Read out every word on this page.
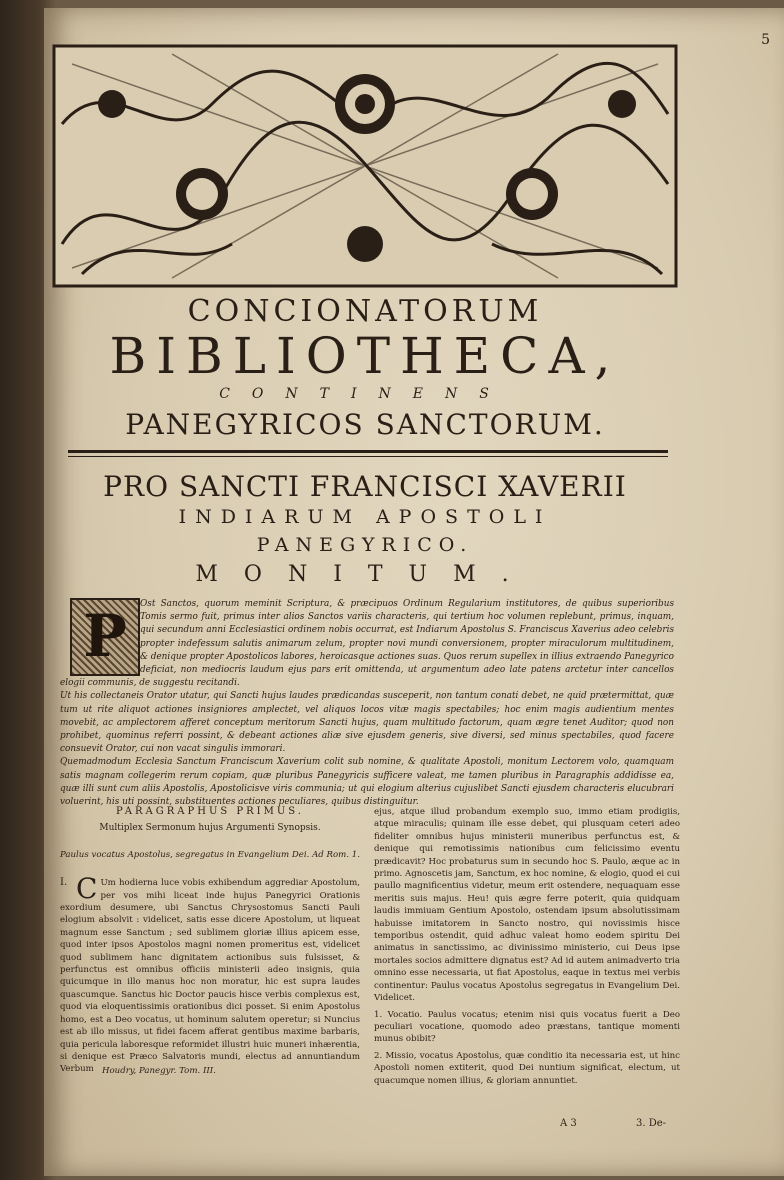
5
CONCIONATORUM
BIBLIOTHECA,
CONTINENS
PANEGYRICOS SANCTORUM.
PRO SANCTI FRANCISCI XAVERII
INDIARUM APOSTOLI
PANEGYRICO.
MONITUM.

Ost Sanctos, quorum meminit Scriptura, & præcipuos Ordinum Regularium institutores, de quibus superioribus Tomis sermo fuit, primus inter alios Sanctos variis characteris, qui tertium hoc volumen replebunt, primus, inquam, qui secundum anni Ecclesiastici ordinem nobis occurrat, est Indiarum Apostolus S. Franciscus Xaverius adeo celebris propter indefessum salutis animarum zelum, propter novi mundi conversionem, propter miraculorum multitudinem, & denique propter Apostolicos labores, heroicasque actiones suas. Quos rerum supellex in illius extraendo Panegyrico deficiat, non mediocris laudum ejus pars erit omittenda, ut argumentum adeo late patens arctetur inter cancellos elogii communis, de suggestu recitandi.

Ut his collectaneis Orator utatur, qui Sancti hujus laudes prædicandas susceperit, non tantum conati debet, ne quid prætermittat, quæ tum ut rite aliquot actiones insigniores amplectet, vel aliquos locos vitæ magis spectabiles; hoc enim magis audientium mentes movebit, ac amplectorem afferet conceptum meritorum Sancti hujus, quam multitudo factorum, quam ægre tenet Auditor; quod non prohibet, quominus referri possint, & debeant actiones aliæ sive ejusdem generis, sive diversi, sed minus spectabiles, quod facere consuevit Orator, cui non vacat singulis immorari.

Quemadmodum Ecclesia Sanctum Franciscum Xaverium colit sub nomine, & qualitate Apostoli, monitum Lectorem volo, quamquam satis magnam collegerim rerum copiam, quæ pluribus Panegyricis sufficere valeat, me tamen pluribus in Paragraphis addidisse ea, quæ illi sunt cum aliis Apostolis, Apostolicisve viris communia; ut qui elogium alterius cujuslibet Sancti ejusdem characteris elucubrari voluerint, his uti possint, substituentes actiones peculiares, quibus distinguitur.

P
PARAGRAPHUS PRIMUS.
Multiplex Sermonum hujus Argumenti Synopsis.
Paulus vocatus Apostolus, segregatus in Evangelium Dei. Ad Rom. 1.

I. C Um hodierna luce vobis exhibendum aggrediar Apostolum, per vos mihi liceat inde hujus Panegyrici Orationis exordium desumere, ubi Sanctus Chrysostomus Sancti Pauli elogium absolvit : videlicet, satis esse dicere Apostolum, ut liqueat magnum esse Sanctum ; sed sublimem gloriæ illius apicem esse, quod inter ipsos Apostolos magni nomen promeritus est, videlicet quod sublimem hanc dignitatem actionibus suis fulsisset, & perfunctus est omnibus officiis ministerii adeo insignis, quia quicumque in illo manus hoc non moratur, hic est supra laudes quascumque. Sanctus hic Doctor paucis hisce verbis complexus est, quod via eloquentissimis orationibus dici posset. Si enim Apostolus homo, est a Deo vocatus, ut hominum salutem operetur; si Nuncius est ab illo missus, ut fidei facem afferat gentibus maxime barbaris, quia pericula laboresque reformidet illustri huic muneri inhærentia, si denique est Præco Salvatoris mundi, electus ad annuntiandum Verbum Houdry, Panegyr. Tom. III.

ejus, atque illud probandum exemplo suo, immo etiam prodigiis, atque miraculis; quinam ille esse debet, qui plusquam ceteri adeo fideliter omnibus hujus ministerii muneribus perfunctus est, & denique qui remotissimis nationibus cum felicissimo eventu prædicavit? Hoc probaturus sum in secundo hoc S. Paulo, æque ac in primo. Agnoscetis jam, Sanctum, ex hoc nomine, & elogio, quod ei cui paullo magnificentius videtur, meum erit ostendere, nequaquam esse meritis suis majus. Heu! quis ægre ferre poterit, quia quidquam laudis immiuam Gentium Apostolo, ostendam ipsum absolutissimam habuisse imitatorem in Sancto nostro, qui novissimis hisce temporibus ostendit, quid adhuc valeat homo eodem spiritu Dei animatus in sanctissimo, ac divinissimo ministerio, cui Deus ipse mortales socios admittere dignatus est? Ad id autem animadverto tria omnino esse necessaria, ut fiat Apostolus, eaque in textus mei verbis continentur: Paulus vocatus Apostolus segregatus in Evangelium Dei. Videlicet.

1. Vocatio. Paulus vocatus; etenim nisi quis vocatus fuerit a Deo peculiari vocatione, quomodo adeo præstans, tantique momenti munus obibit?

2. Missio, vocatus Apostolus, quæ conditio ita necessaria est, ut hinc Apostoli nomen extiterit, quod Dei nuntium significat, electum, ut quacumque nomen illius, & gloriam annuntiet.

A 3	3. De-
